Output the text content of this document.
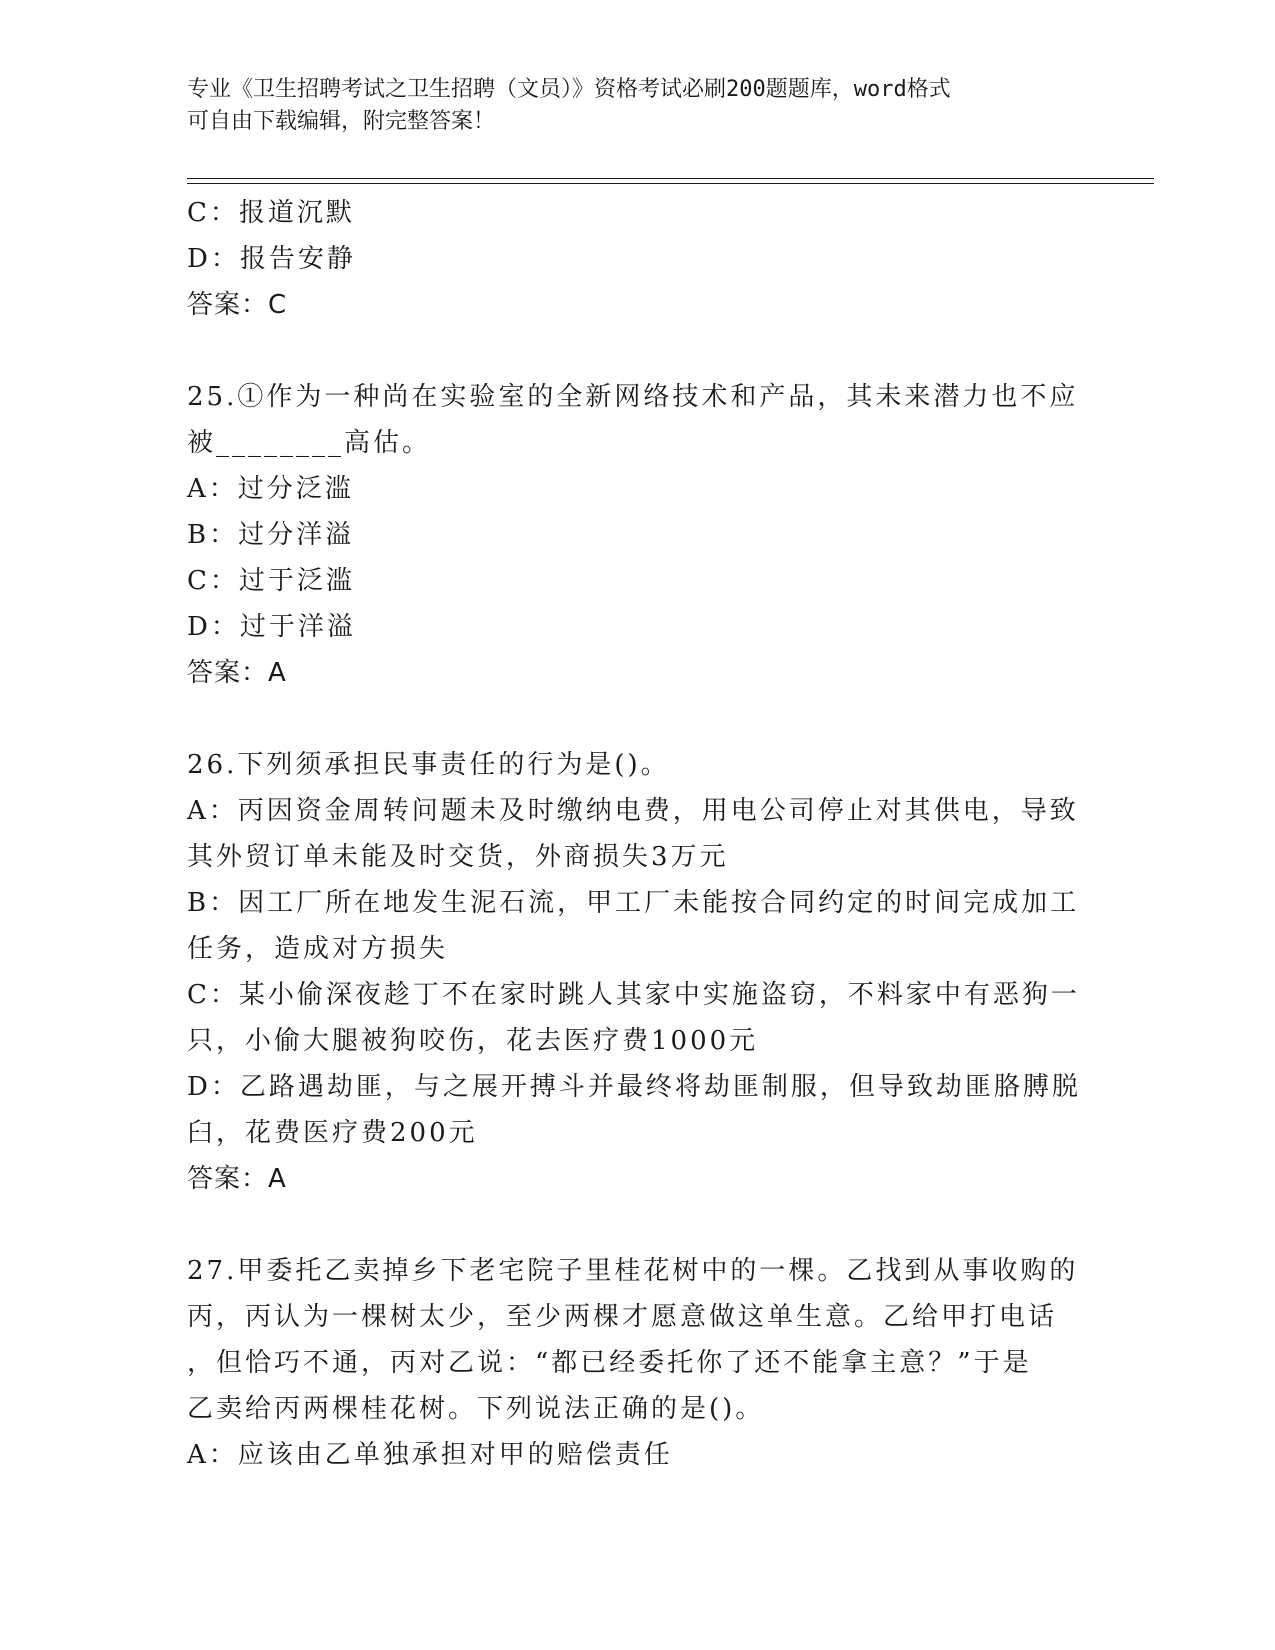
专业《卫生招聘考试之卫生招聘（文员）》资格考试必刷200题题库，word格式
可自由下载编辑，附完整答案！
C：报道沉默
D：报告安静
答案：C
25.①作为一种尚在实验室的全新网络技术和产品，其未来潜力也不应
被________高估。
A：过分泛滥
B：过分洋溢
C：过于泛滥
D：过于洋溢
答案：A
26.下列须承担民事责任的行为是()。
A：丙因资金周转问题未及时缴纳电费，用电公司停止对其供电，导致
其外贸订单未能及时交货，外商损失3万元
B：因工厂所在地发生泥石流，甲工厂未能按合同约定的时间完成加工
任务，造成对方损失
C：某小偷深夜趁丁不在家时跳人其家中实施盗窃，不料家中有恶狗一
只，小偷大腿被狗咬伤，花去医疗费1000元
D：乙路遇劫匪，与之展开搏斗并最终将劫匪制服，但导致劫匪胳膊脱
臼，花费医疗费200元
答案：A
27.甲委托乙卖掉乡下老宅院子里桂花树中的一棵。乙找到从事收购的
丙，丙认为一棵树太少，至少两棵才愿意做这单生意。乙给甲打电话
，但恰巧不通，丙对乙说：“都已经委托你了还不能拿主意？”于是
乙卖给丙两棵桂花树。下列说法正确的是()。
A：应该由乙单独承担对甲的赔偿责任
